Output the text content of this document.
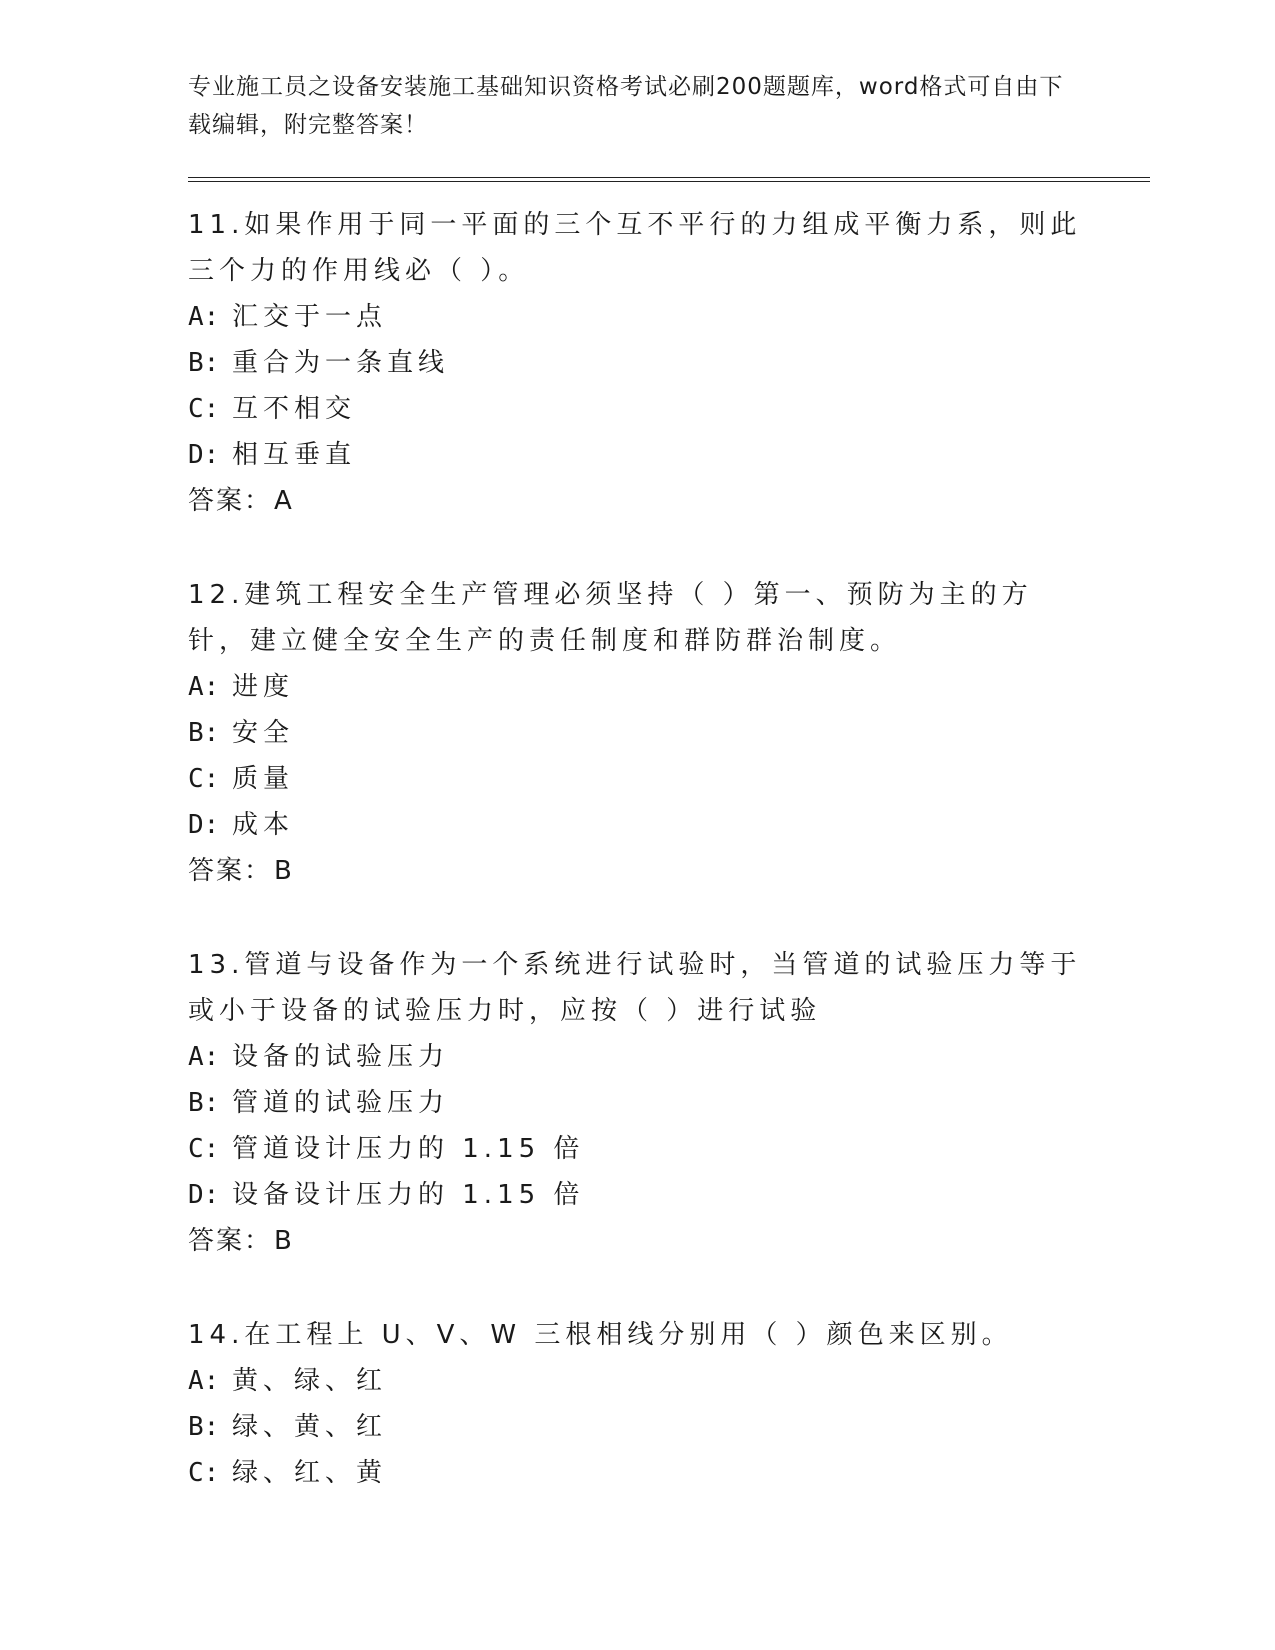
专业施工员之设备安装施工基础知识资格考试必刷200题题库，word格式可自由下载编辑，附完整答案！
11.如果作用于同一平面的三个互不平行的力组成平衡力系，则此三个力的作用线必（ ）。
A: 汇交于一点
B: 重合为一条直线
C: 互不相交
D: 相互垂直
答案：A
12.建筑工程安全生产管理必须坚持（ ）第一、预防为主的方针，建立健全安全生产的责任制度和群防群治制度。
A: 进度
B: 安全
C: 质量
D: 成本
答案：B
13.管道与设备作为一个系统进行试验时，当管道的试验压力等于或小于设备的试验压力时，应按（ ）进行试验
A: 设备的试验压力
B: 管道的试验压力
C: 管道设计压力的 1.15 倍
D: 设备设计压力的 1.15 倍
答案：B
14.在工程上 U、V、W 三根相线分别用（ ）颜色来区别。
A: 黄、绿、红
B: 绿、黄、红
C: 绿、红、黄
